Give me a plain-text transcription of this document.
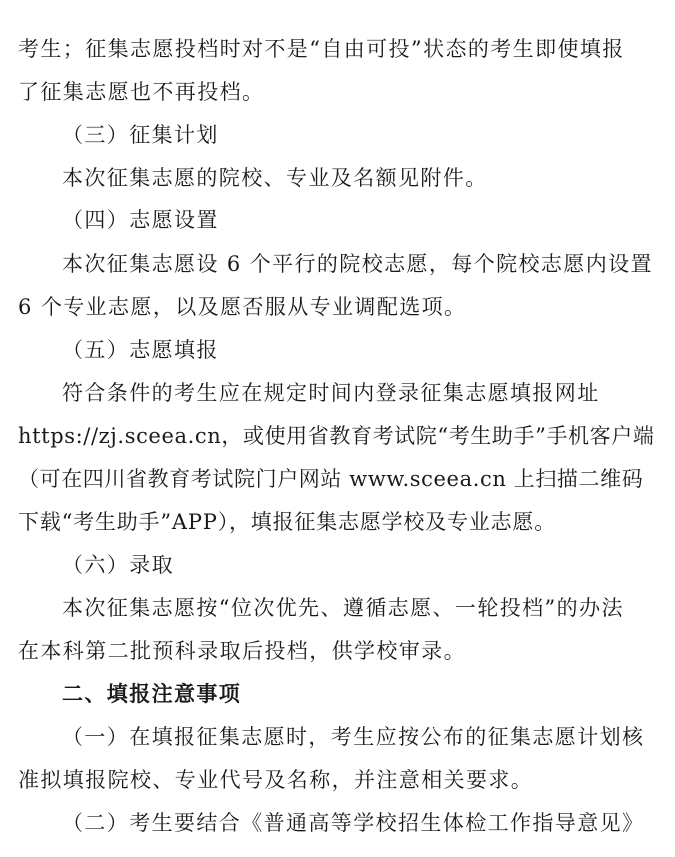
考生；征集志愿投档时对不是“自由可投”状态的考生即使填报
了征集志愿也不再投档。
（三）征集计划
本次征集志愿的院校、专业及名额见附件。
（四）志愿设置
本次征集志愿设 6 个平行的院校志愿，每个院校志愿内设置
6 个专业志愿，以及愿否服从专业调配选项。
（五）志愿填报
符合条件的考生应在规定时间内登录征集志愿填报网址
https://zj.sceea.cn，或使用省教育考试院“考生助手”手机客户端
（可在四川省教育考试院门户网站 www.sceea.cn 上扫描二维码
下载“考生助手”APP），填报征集志愿学校及专业志愿。
（六）录取
本次征集志愿按“位次优先、遵循志愿、一轮投档”的办法
在本科第二批预科录取后投档，供学校审录。
二、填报注意事项
（一）在填报征集志愿时，考生应按公布的征集志愿计划核
准拟填报院校、专业代号及名称，并注意相关要求。
（二）考生要结合《普通高等学校招生体检工作指导意见》
